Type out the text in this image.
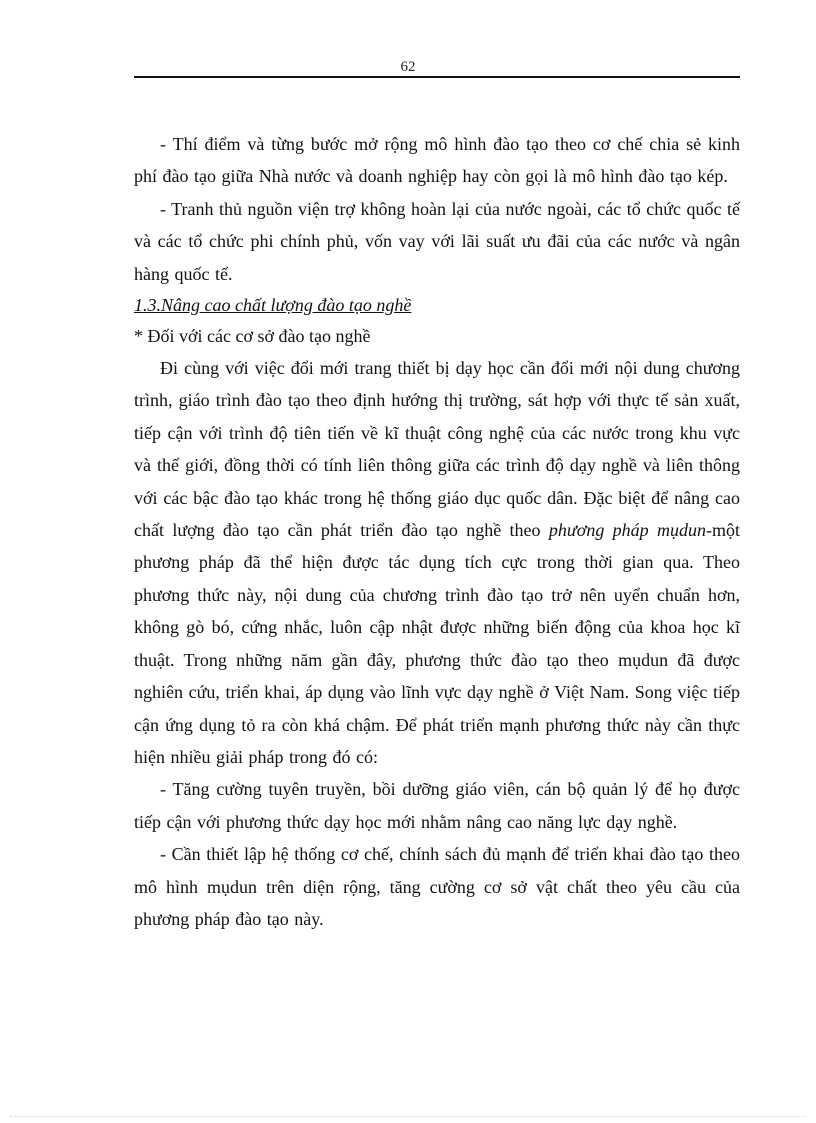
62

- Thí điểm và từng bước mở rộng mô hình đào tạo theo cơ chế chia sẻ kinh phí đào tạo giữa Nhà nước và doanh nghiệp hay còn gọi là mô hình đào tạo kép.

- Tranh thủ nguồn viện trợ không hoàn lại của nước ngoài, các tổ chức quốc tế và các tổ chức phi chính phủ, vốn vay với lãi suất ưu đãi của các nước và ngân hàng quốc tế.

1.3.Nâng cao chất lượng đào tạo nghề

* Đối với các cơ sở đào tạo nghề

Đi cùng với việc đổi mới trang thiết bị dạy học cần đổi mới nội dung chương trình, giáo trình đào tạo theo định hướng thị trường, sát hợp với thực tế sản xuất, tiếp cận với trình độ tiên tiến về kĩ thuật công nghệ của các nước trong khu vực và thế giới, đồng thời có tính liên thông giữa các trình độ dạy nghề và liên thông với các bậc đào tạo khác trong hệ thống giáo dục quốc dân. Đặc biệt để nâng cao chất lượng đào tạo cần phát triển đào tạo nghề theo phương pháp mụdun-một phương pháp đã thể hiện được tác dụng tích cực trong thời gian qua. Theo phương thức này, nội dung của chương trình đào tạo trở nên uyển chuẩn hơn, không gò bó, cứng nhắc, luôn cập nhật được những biến động của khoa học kĩ thuật. Trong những năm gần đây, phương thức đào tạo theo mụdun đã được nghiên cứu, triển khai, áp dụng vào lĩnh vực dạy nghề ở Việt Nam. Song việc tiếp cận ứng dụng tỏ ra còn khá chậm. Để phát triển mạnh phương thức này cần thực hiện nhiều giải pháp trong đó có:

- Tăng cường tuyên truyền, bồi dưỡng giáo viên, cán bộ quản lý để họ được tiếp cận với phương thức dạy học mới nhằm nâng cao năng lực dạy nghề.

- Cần thiết lập hệ thống cơ chế, chính sách đủ mạnh để triển khai đào tạo theo mô hình mụdun trên diện rộng, tăng cường cơ sở vật chất theo yêu cầu của phương pháp đào tạo này.
